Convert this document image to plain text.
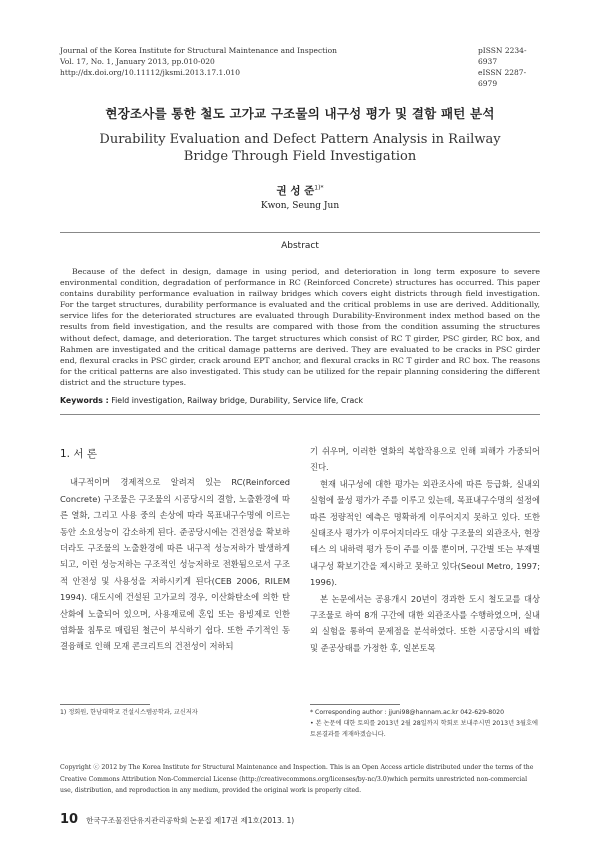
Journal of the Korea Institute for Structural Maintenance and Inspection
Vol. 17, No. 1, January 2013, pp.010-020
http://dx.doi.org/10.11112/jksmi.2013.17.1.010
pISSN 2234-6937
eISSN 2287-6979
현장조사를 통한 철도 고가교 구조물의 내구성 평가 및 결함 패턴 분석
Durability Evaluation and Defect Pattern Analysis in Railway Bridge Through Field Investigation
권 성 준$^{1)*}$
Kwon, Seung Jun
Abstract
Because of the defect in design, damage in using period, and deterioration in long term exposure to severe environmental condition, degradation of performance in RC (Reinforced Concrete) structures has occurred. This paper contains durability performance evaluation in railway bridges which covers eight districts through field investigation. For the target structures, durability performance is evaluated and the critical problems in use are derived. Additionally, service lifes for the deteriorated structures are evaluated through Durability-Environment index method based on the results from field investigation, and the results are compared with those from the condition assuming the structures without defect, damage, and deterioration. The target structures which consist of RC T girder, PSC girder, RC box, and Rahmen are investigated and the critical damage patterns are derived. They are evaluated to be cracks in PSC girder end, flexural cracks in PSC girder, crack around EPT anchor, and flexural cracks in RC T girder and RC box. The reasons for the critical patterns are also investigated. This study can be utilized for the repair planning considering the different district and the structure types.
Keywords : Field investigation, Railway bridge, Durability, Service life, Crack
1. 서 론

내구적이며 경제적으로 알려져 있는 RC(Reinforced Concrete) 구조물은 구조물의 시공당시의 결함, 노출환경에 따른 열화, 그리고 사용 중의 손상에 따라 목표내구수명에 이르는 동안 소요성능이 감소하게 된다. 준공당시에는 건전성을 확보하더라도 구조물의 노출환경에 따른 내구적 성능저하가 발생하게 되고, 이런 성능저하는 구조적인 성능저하로 전환됨으로서 구조적 안전성 및 사용성을 저하시키게 된다(CEB 2006, RILEM 1994). 대도시에 건설된 고가교의 경우, 이산화탄소에 의한 탄산화에 노출되어 있으며, 사용재료에 혼입 또는 융빙제로 인한 염화물 침투로 매립된 철근이 부식하기 쉽다. 또한 주기적인 동결융해로 인해 모재 콘크리트의 건전성이 저하되

기 쉬우며, 이러한 열화의 복합작용으로 인해 피해가 가중되어 진다.

현재 내구성에 대한 평가는 외관조사에 따른 등급화, 실내외 실험에 물성 평가가 주를 이루고 있는데, 목표내구수명의 설정에 따른 정량적인 예측은 명확하게 이루어지지 못하고 있다. 또한 실태조사 평가가 이루어지더라도 대상 구조물의 외관조사, 현장테스 의 내하력 평가 등이 주를 이룰 뿐이며, 구간별 또는 부재별 내구성 확보기간을 제시하고 못하고 있다(Seoul Metro, 1997; 1996).

본 논문에서는 공용개시 20년이 경과한 도시 철도교를 대상구조물로 하여 8개 구간에 대한 외관조사를 수행하였으며, 실내외 실험을 통하여 문제점을 분석하였다. 또한 시공당시의 배합 및 준공상태를 가정한 후, 일본토목

1) 정회원, 한남대학교 건설시스템공학과, 교신저자	* Corresponding author : jjuni98@hannam.ac.kr 042-629-8020
• 본 논문에 대한 토의를 2013년 2월 28일까지 학회로 보내주시면 2013년 3월호에 토론결과를 게재하겠습니다.
Copyright ⓒ 2012 by The Korea Institute for Structural Maintenance and Inspection. This is an Open Access article distributed under the terms of the Creative Commons Attribution Non-Commercial License (http://creativecommons.org/licenses/by-nc/3.0)which permits unrestricted non-commercial use, distribution, and reproduction in any medium, provided the original work is properly cited.
10 한국구조물진단유지관리공학회 논문집 제17권 제1호(2013. 1)
